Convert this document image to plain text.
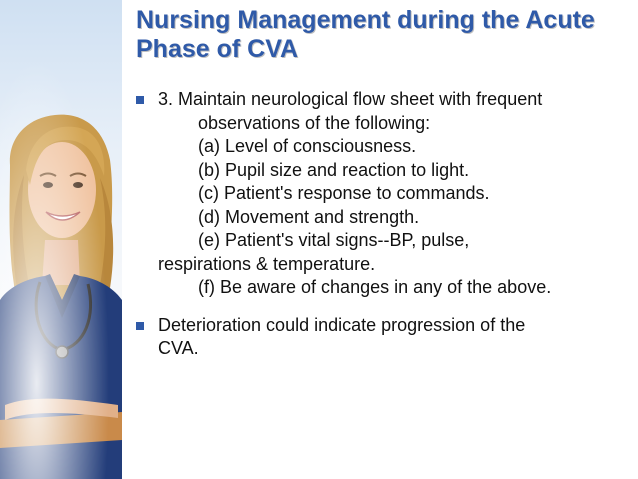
Nursing Management during the Acute
Phase of CVA
3. Maintain neurological flow sheet with frequent
observations of the following:
(a) Level of consciousness.
(b) Pupil size and reaction to light.
(c) Patient's response to commands.
(d) Movement and strength.
(e) Patient's vital signs--BP, pulse,
respirations & temperature.
(f) Be aware of changes in any of the above.
Deterioration could indicate progression of the
CVA.
